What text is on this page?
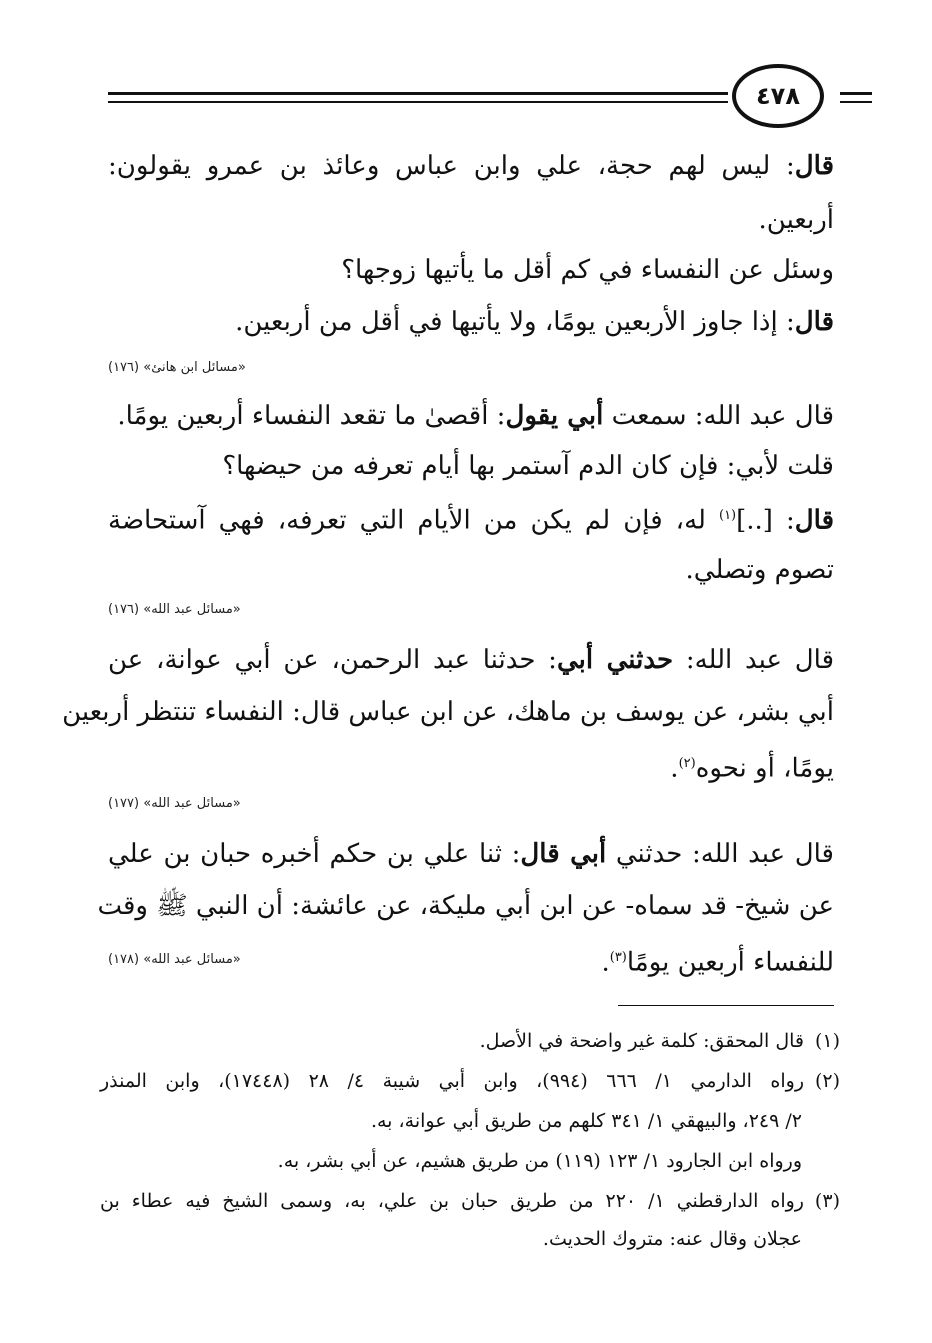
٤٧٨
قال: ليس لهم حجة، علي وابن عباس وعائذ بن عمرو يقولون:
أربعين.
وسئل عن النفساء في كم أقل ما يأتيها زوجها؟
قال: إذا جاوز الأربعين يومًا، ولا يأتيها في أقل من أربعين.
«مسائل ابن هانئ» (١٧٦)
قال عبد الله: سمعت أبي يقول: أقصىٰ ما تقعد النفساء أربعين يومًا.
قلت لأبي: فإن كان الدم آستمر بها أيام تعرفه من حيضها؟
قال: [..]$^{(١)}$ له، فإن لم يكن من الأيام التي تعرفه، فهي آستحاضة
تصوم وتصلي.
«مسائل عبد الله» (١٧٦)
قال عبد الله: حدثني أبي: حدثنا عبد الرحمن، عن أبي عوانة، عن
أبي بشر، عن يوسف بن ماهك، عن ابن عباس قال: النفساء تنتظر أربعين
يومًا، أو نحوه$^{(٢)}$.
«مسائل عبد الله» (١٧٧)
قال عبد الله: حدثني أبي قال: ثنا علي بن حكم أخبره حبان بن علي
عن شيخ- قد سماه- عن ابن أبي مليكة، عن عائشة: أن النبي ﷺ وقت
للنفساء أربعين يومًا$^{(٣)}$.
«مسائل عبد الله» (١٧٨)
(١)قال المحقق: كلمة غير واضحة في الأصل.
(٢)رواه الدارمي ١/ ٦٦٦ (٩٩٤)، وابن أبي شيبة ٤/ ٢٨ (١٧٤٤٨)، وابن المنذر
٢/ ٢٤٩، والبيهقي ١/ ٣٤١ كلهم من طريق أبي عوانة، به.
ورواه ابن الجارود ١/ ١٢٣ (١١٩) من طريق هشيم، عن أبي بشر، به.
(٣)رواه الدارقطني ١/ ٢٢٠ من طريق حبان بن علي، به، وسمى الشيخ فيه عطاء بن
عجلان وقال عنه: متروك الحديث.
